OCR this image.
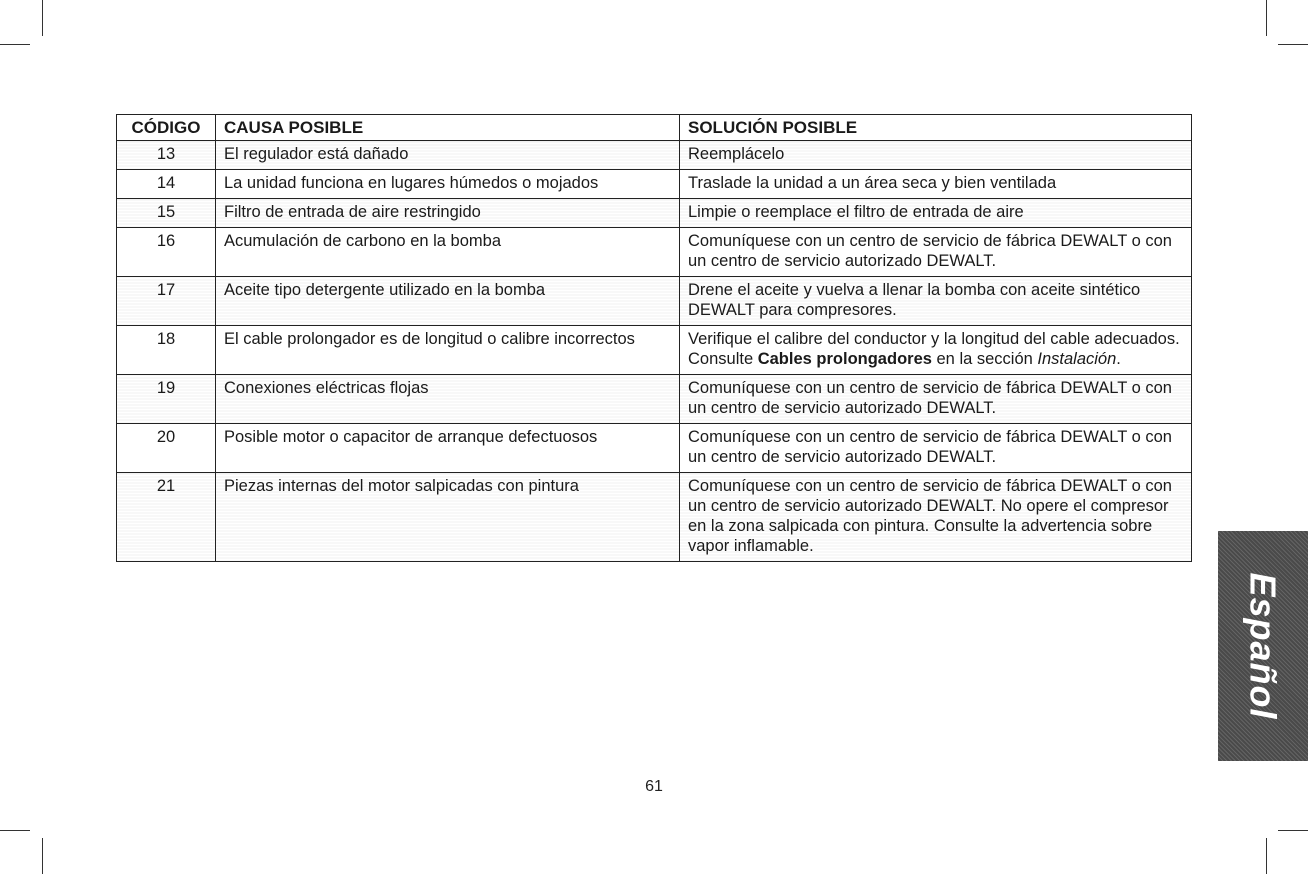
CÓDIGO	CAUSA POSIBLE	SOLUCIÓN POSIBLE
13	El regulador está dañado	Reemplácelo
14	La unidad funciona en lugares húmedos o mojados	Traslade la unidad a un área seca y bien ventilada
15	Filtro de entrada de aire restringido	Limpie o reemplace el filtro de entrada de aire
16	Acumulación de carbono en la bomba	Comuníquese con un centro de servicio de fábrica DEWALT o con un centro de servicio autorizado DEWALT.
17	Aceite tipo detergente utilizado en la bomba	Drene el aceite y vuelva a llenar la bomba con aceite sintético DEWALT para compresores.
18	El cable prolongador es de longitud o calibre incorrectos	Verifique el calibre del conductor y la longitud del cable adecuados. Consulte Cables prolongadores en la sección Instalación.
19	Conexiones eléctricas flojas	Comuníquese con un centro de servicio de fábrica DEWALT o con un centro de servicio autorizado DEWALT.
20	Posible motor o capacitor de arranque defectuosos	Comuníquese con un centro de servicio de fábrica DEWALT o con un centro de servicio autorizado DEWALT.
21	Piezas internas del motor salpicadas con pintura	Comuníquese con un centro de servicio de fábrica DEWALT o con un centro de servicio autorizado DEWALT. No opere el compresor en la zona salpicada con pintura. Consulte la advertencia sobre vapor inflamable.
Español
61
